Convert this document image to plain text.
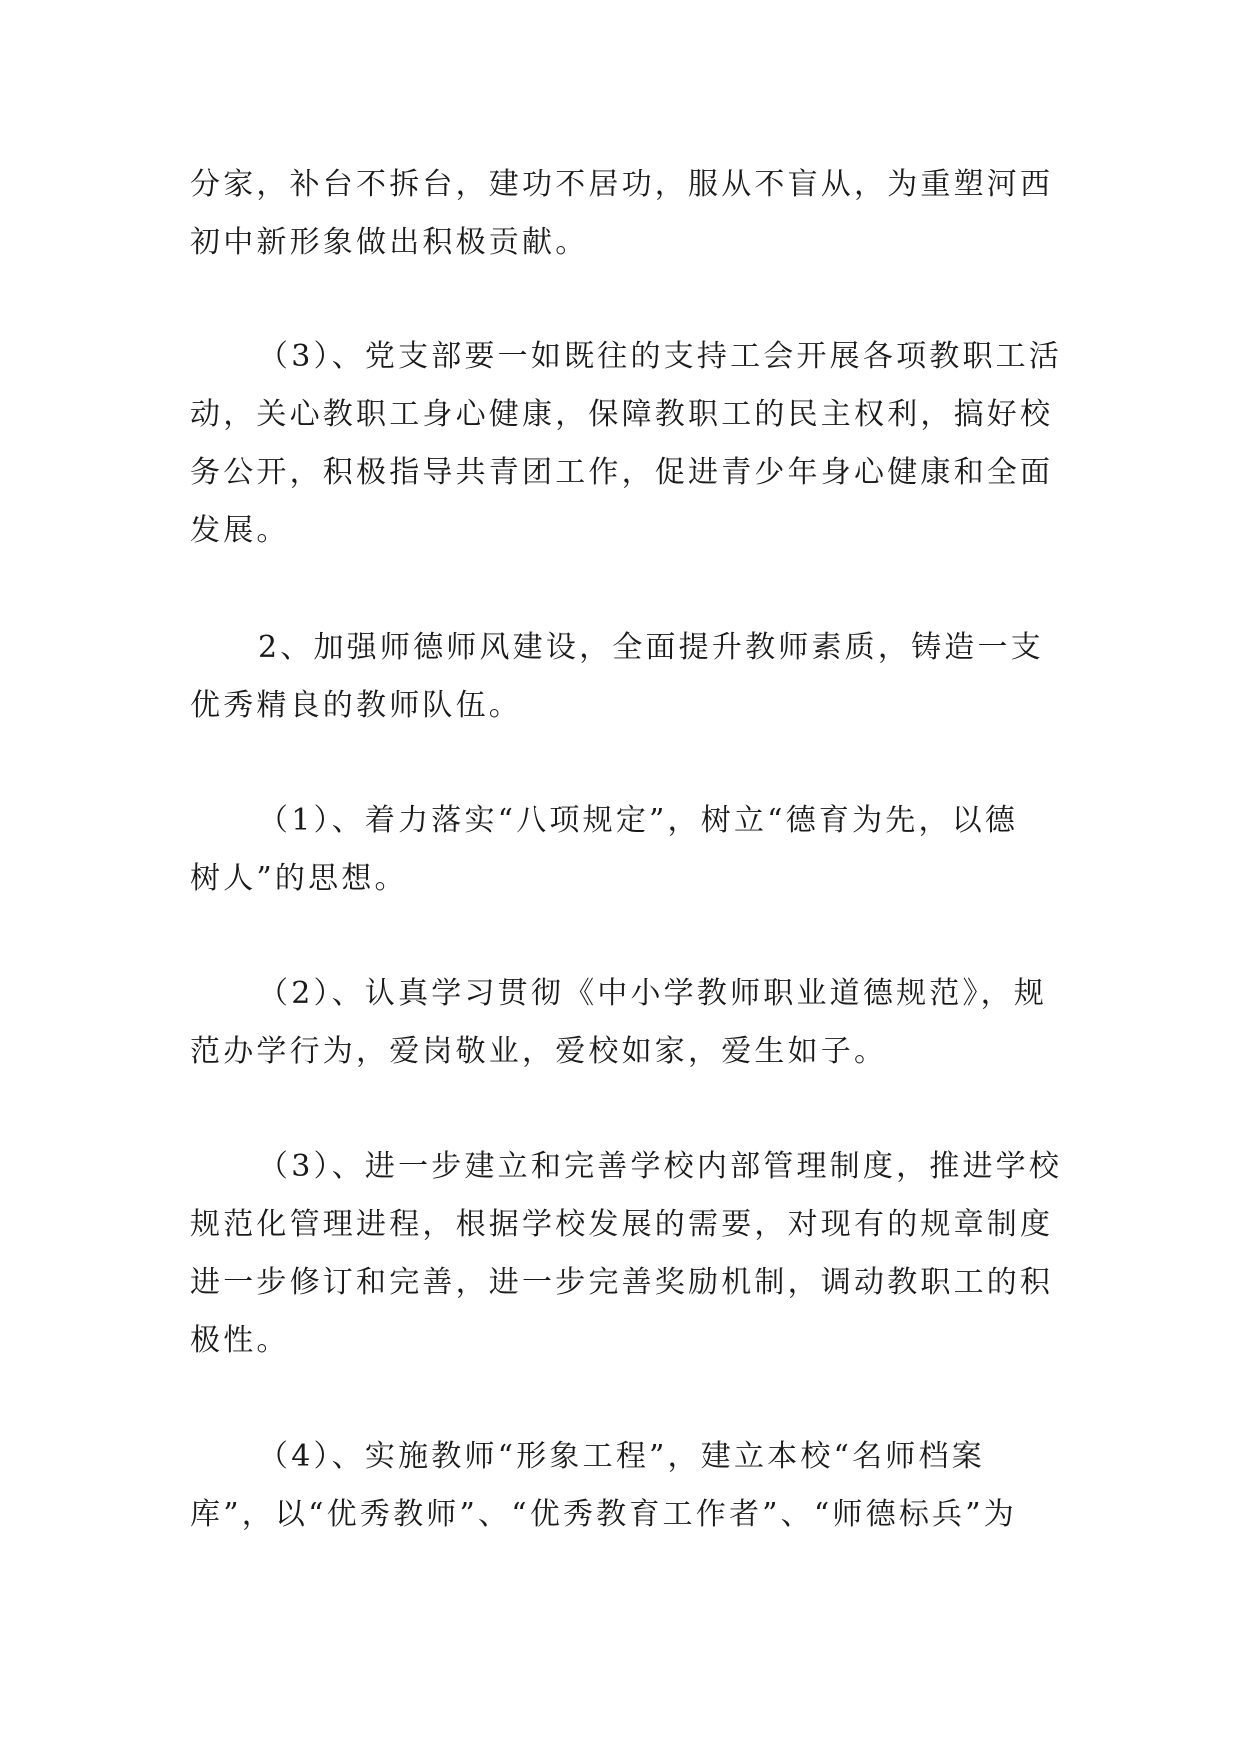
分家，补台不拆台，建功不居功，服从不盲从，为重塑河西
初中新形象做出积极贡献。
（3）、党支部要一如既往的支持工会开展各项教职工活
动，关心教职工身心健康，保障教职工的民主权利，搞好校
务公开，积极指导共青团工作，促进青少年身心健康和全面
发展。
2、加强师德师风建设，全面提升教师素质，铸造一支
优秀精良的教师队伍。
（1）、着力落实“八项规定”，树立“德育为先，以德
树人”的思想。
（2）、认真学习贯彻《中小学教师职业道德规范》，规
范办学行为，爱岗敬业，爱校如家，爱生如子。
（3）、进一步建立和完善学校内部管理制度，推进学校
规范化管理进程，根据学校发展的需要，对现有的规章制度
进一步修订和完善，进一步完善奖励机制，调动教职工的积
极性。
（4）、实施教师“形象工程”，建立本校“名师档案
库”，以“优秀教师”、“优秀教育工作者”、“师德标兵”为
